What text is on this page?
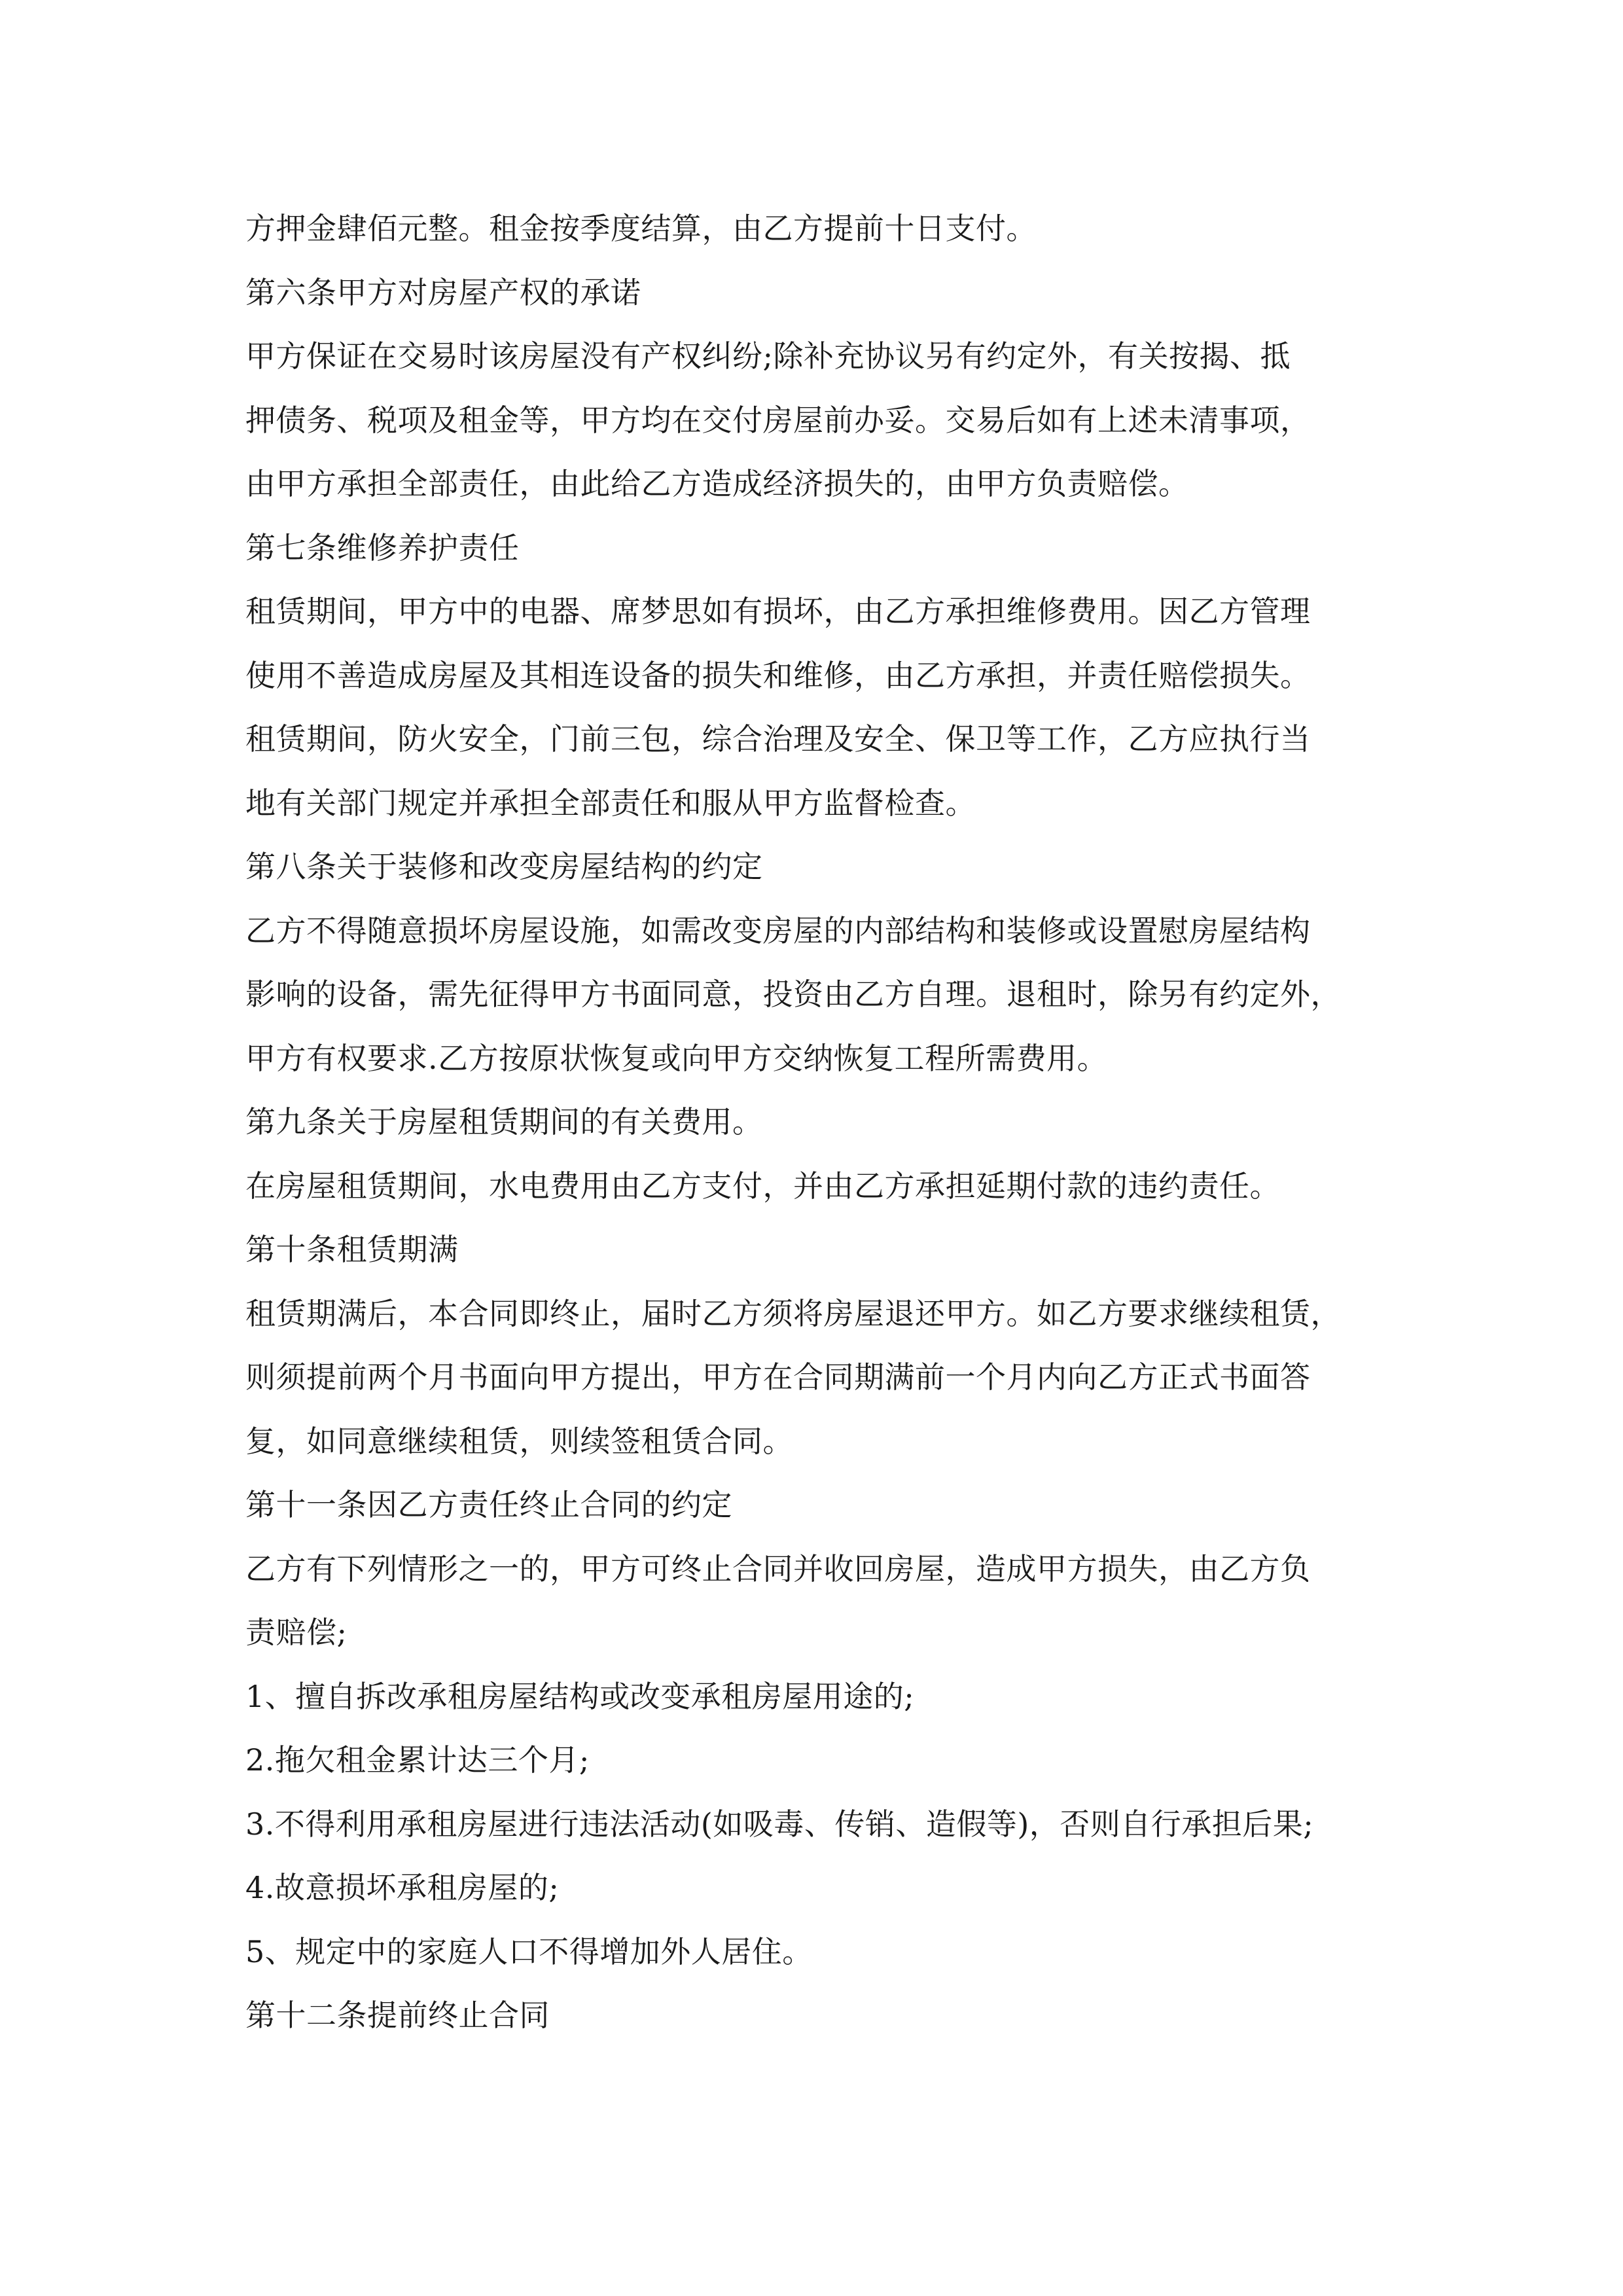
方押金肆佰元整。租金按季度结算，由乙方提前十日支付。
第六条甲方对房屋产权的承诺
甲方保证在交易时该房屋没有产权纠纷;除补充协议另有约定外，有关按揭、抵
押债务、税项及租金等，甲方均在交付房屋前办妥。交易后如有上述未清事项，
由甲方承担全部责任，由此给乙方造成经济损失的，由甲方负责赔偿。
第七条维修养护责任
租赁期间，甲方中的电器、席梦思如有损坏，由乙方承担维修费用。因乙方管理
使用不善造成房屋及其相连设备的损失和维修，由乙方承担，并责任赔偿损失。
租赁期间，防火安全，门前三包，综合治理及安全、保卫等工作，乙方应执行当
地有关部门规定并承担全部责任和服从甲方监督检查。
第八条关于装修和改变房屋结构的约定
乙方不得随意损坏房屋设施，如需改变房屋的内部结构和装修或设置慰房屋结构
影响的设备，需先征得甲方书面同意，投资由乙方自理。退租时，除另有约定外，
甲方有权要求.乙方按原状恢复或向甲方交纳恢复工程所需费用。
第九条关于房屋租赁期间的有关费用。
在房屋租赁期间，水电费用由乙方支付，并由乙方承担延期付款的违约责任。
第十条租赁期满
租赁期满后，本合同即终止，届时乙方须将房屋退还甲方。如乙方要求继续租赁，
则须提前两个月书面向甲方提出，甲方在合同期满前一个月内向乙方正式书面答
复，如同意继续租赁，则续签租赁合同。
第十一条因乙方责任终止合同的约定
乙方有下列情形之一的，甲方可终止合同并收回房屋，造成甲方损失，由乙方负
责赔偿;
1、擅自拆改承租房屋结构或改变承租房屋用途的;
2.拖欠租金累计达三个月;
3.不得利用承租房屋进行违法活动(如吸毒、传销、造假等)，否则自行承担后果;
4.故意损坏承租房屋的;
5、规定中的家庭人口不得增加外人居住。
第十二条提前终止合同
